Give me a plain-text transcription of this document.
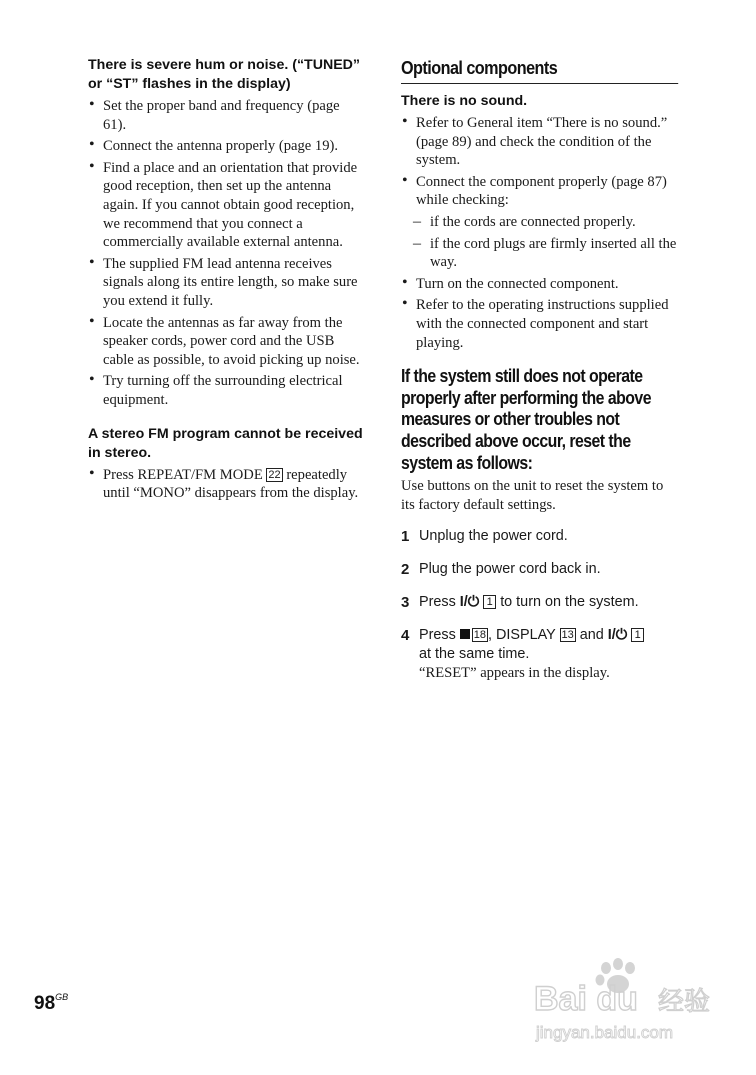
There is severe hum or noise. (“TUNED” or “ST” flashes in the display)
• Set the proper band and frequency (page 61).
• Connect the antenna properly (page 19).
• Find a place and an orientation that provide good reception, then set up the antenna again. If you cannot obtain good reception, we recommend that you connect a commercially available external antenna.
• The supplied FM lead antenna receives signals along its entire length, so make sure you extend it fully.
• Locate the antennas as far away from the speaker cords, power cord and the USB cable as possible, to avoid picking up noise.
• Try turning off the surrounding electrical equipment.
A stereo FM program cannot be received in stereo.
• Press REPEAT/FM MODE 22 repeatedly until “MONO” disappears from the display.
Optional components
There is no sound.
• Refer to General item “There is no sound.” (page 89) and check the condition of the system.
• Connect the component properly (page 87) while checking:
– if the cords are connected properly.
– if the cord plugs are firmly inserted all the way.
• Turn on the connected component.
• Refer to the operating instructions supplied with the connected component and start playing.
If the system still does not operate properly after performing the above measures or other troubles not described above occur, reset the system as follows:

Use buttons on the unit to reset the system to its factory default settings.

1 Unplug the power cord.
2 Plug the power cord back in.
3 Press I/⏻ 1 to turn on the system.
4 Press 18 , DISPLAY 13 and I/⏻ 1
at the same time.
“RESET” appears in the display.
$98^{GB}$	Bai du 经验
jingyan.baidu.com
